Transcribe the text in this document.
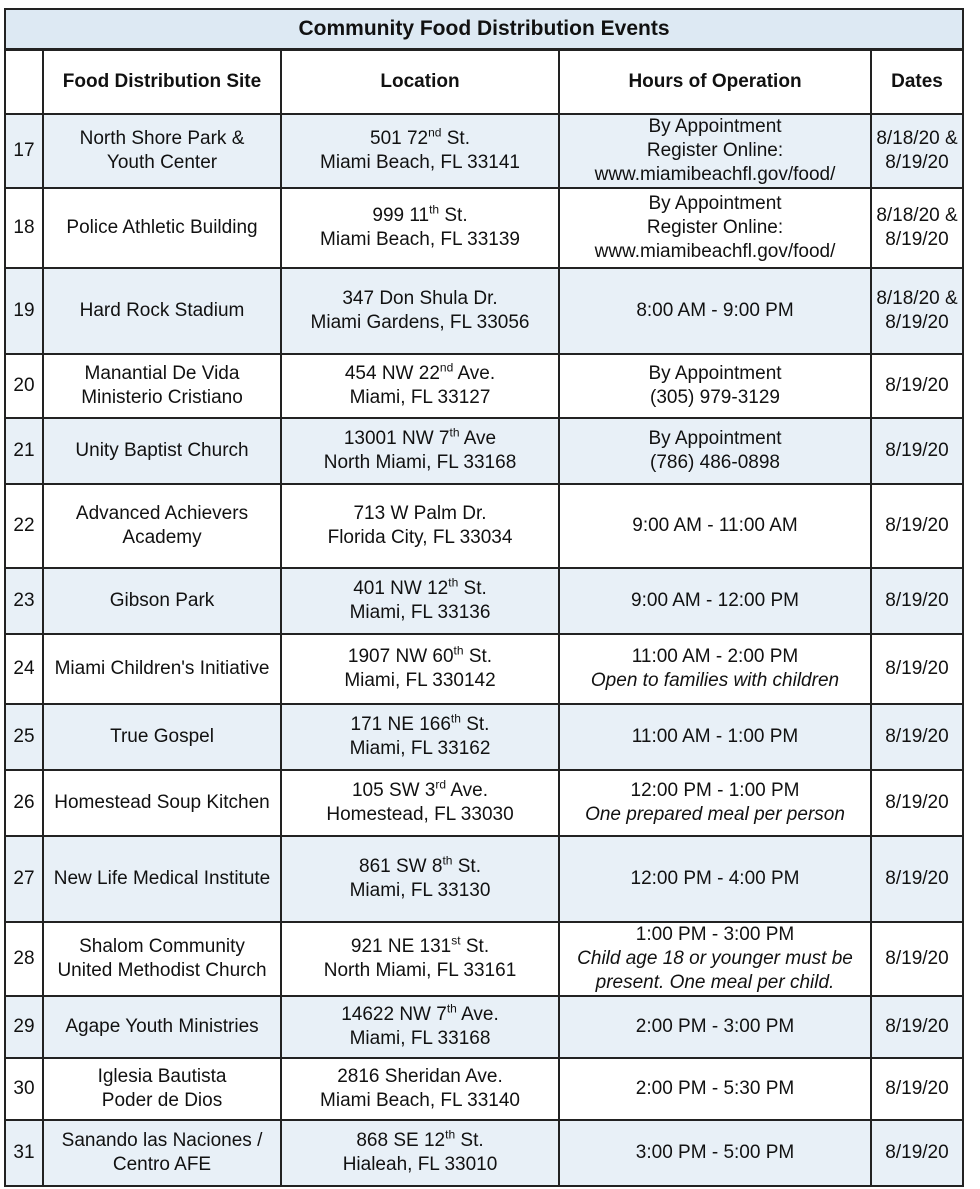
Community Food Distribution Events
	Food Distribution Site	Location	Hours of Operation	Dates
17	North Shore Park &
Youth Center	501 72nd St.
Miami Beach, FL 33141	By Appointment
Register Online:
www.miamibeachfl.gov/food/	8/18/20 &
8/19/20

18	Police Athletic Building	999 11th St.
Miami Beach, FL 33139	By Appointment
Register Online:
www.miamibeachfl.gov/food/	8/18/20 &
8/19/20

19	Hard Rock Stadium	347 Don Shula Dr.
Miami Gardens, FL 33056	8:00 AM - 9:00 PM	8/18/20 &
8/19/20

20	Manantial De Vida
Ministerio Cristiano	454 NW 22nd Ave.
Miami, FL 33127	By Appointment
(305) 979-3129	8/19/20

21	Unity Baptist Church	13001 NW 7th Ave
North Miami, FL 33168	By Appointment
(786) 486-0898	8/19/20

22	Advanced Achievers
Academy	713 W Palm Dr.
Florida City, FL 33034	9:00 AM - 11:00 AM	8/19/20

23	Gibson Park	401 NW 12th St.
Miami, FL 33136	9:00 AM - 12:00 PM	8/19/20

24	Miami Children's Initiative	1907 NW 60th St.
Miami, FL 330142	11:00 AM - 2:00 PM
Open to families with children	8/19/20

25	True Gospel	171 NE 166th St.
Miami, FL 33162	11:00 AM - 1:00 PM	8/19/20

26	Homestead Soup Kitchen	105 SW 3rd Ave.
Homestead, FL 33030	12:00 PM - 1:00 PM
One prepared meal per person	8/19/20

27	New Life Medical Institute	861 SW 8th St.
Miami, FL 33130	12:00 PM - 4:00 PM	8/19/20

28	Shalom Community
United Methodist Church	921 NE 131st St.
North Miami, FL 33161	1:00 PM - 3:00 PM
Child age 18 or younger must be
present. One meal per child.	8/19/20

29	Agape Youth Ministries	14622 NW 7th Ave.
Miami, FL 33168	2:00 PM - 3:00 PM	8/19/20

30	Iglesia Bautista
Poder de Dios	2816 Sheridan Ave.
Miami Beach, FL 33140	2:00 PM - 5:30 PM	8/19/20

31	Sanando las Naciones /
Centro AFE	868 SE 12th St.
Hialeah, FL 33010	3:00 PM - 5:00 PM	8/19/20
